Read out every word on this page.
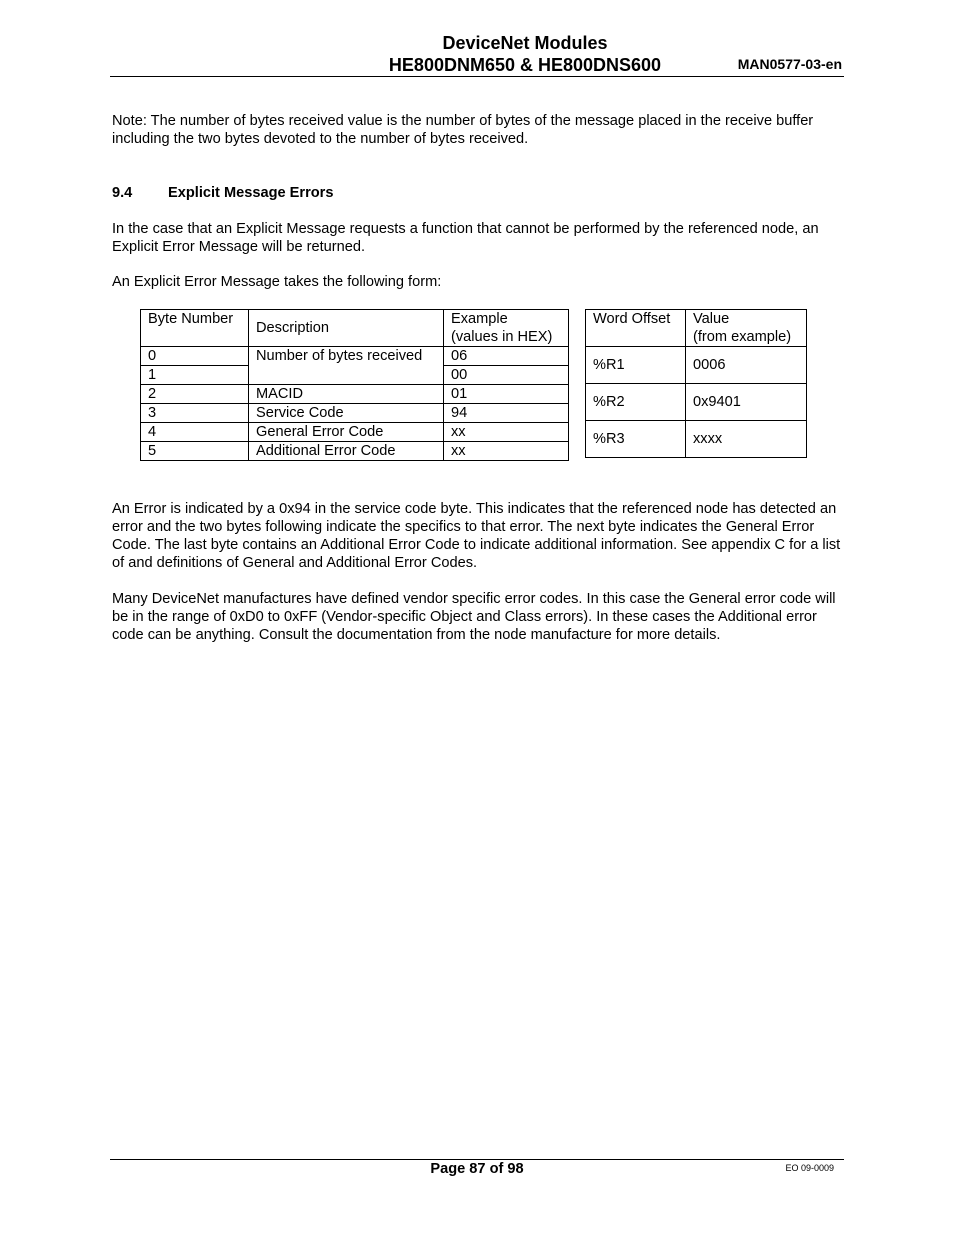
DeviceNet Modules
HE800DNM650 & HE800DNS600	MAN0577-03-en

Note: The number of bytes received value is the number of bytes of the message placed in the receive buffer including the two bytes devoted to the number of bytes received.

9.4 Explicit Message Errors

In the case that an Explicit Message requests a function that cannot be performed by the referenced node, an Explicit Error Message will be returned.

An Explicit Error Message takes the following form:

Byte Number	Description	Example
(values in HEX)

0	Number of bytes received	06
1		00
2	MACID	01
3	Service Code	94
4	General Error Code	xx
5	Additional Error Code	xx
Word Offset	Value
(from example)

%R1	0006
%R2	0x9401
%R3	xxxx

An Error is indicated by a 0x94 in the service code byte. This indicates that the referenced node has detected an error and the two bytes following indicate the specifics to that error. The next byte indicates the General Error Code. The last byte contains an Additional Error Code to indicate additional information. See appendix C for a list of and definitions of General and Additional Error Codes.

Many DeviceNet manufactures have defined vendor specific error codes. In this case the General error code will be in the range of 0xD0 to 0xFF (Vendor-specific Object and Class errors). In these cases the Additional error code can be anything. Consult the documentation from the node manufacture for more details.

Page 87 of 98	EO 09-0009
